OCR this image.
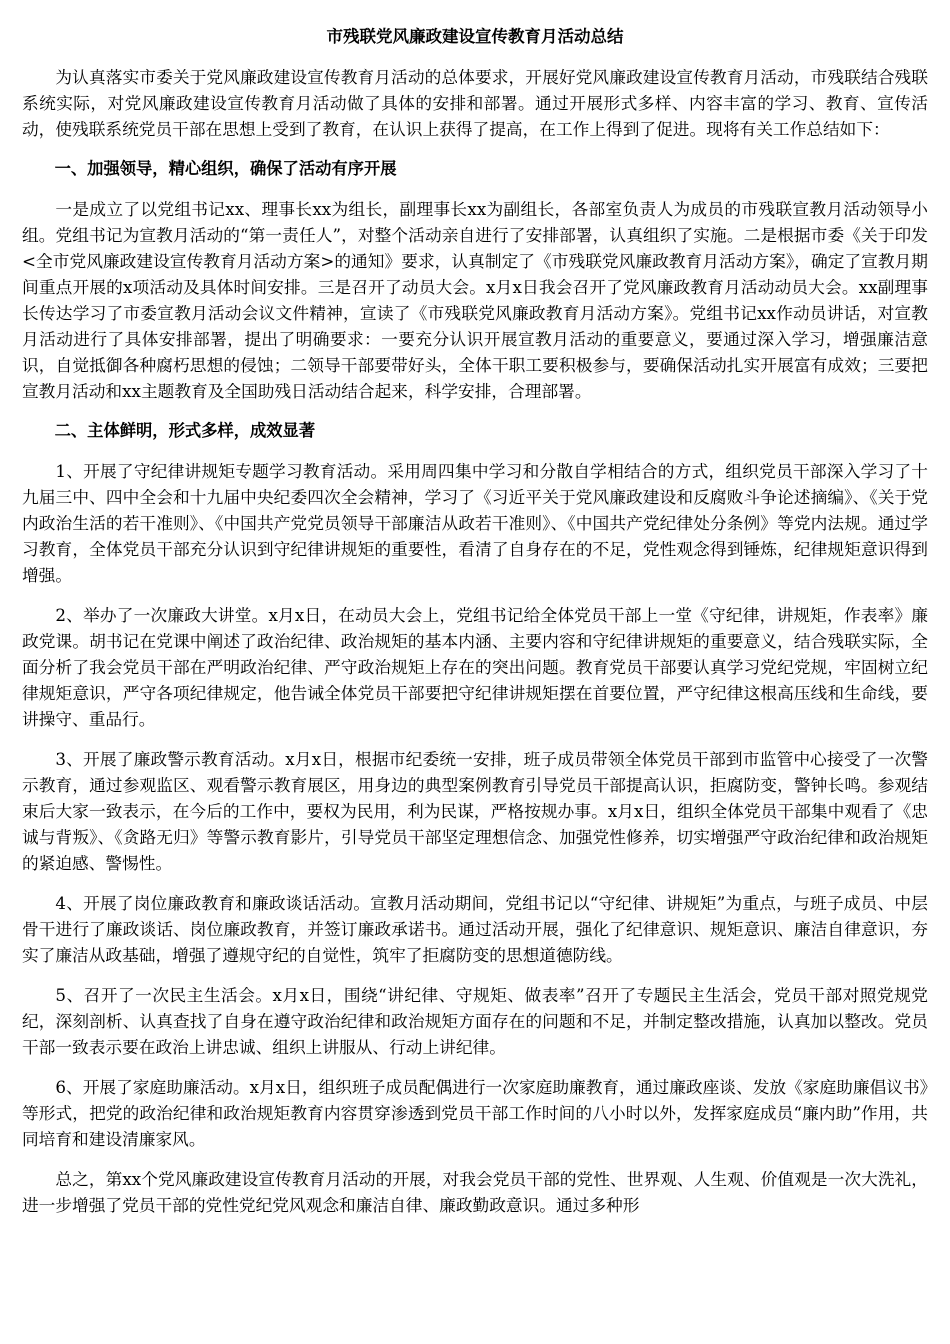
市残联党风廉政建设宣传教育月活动总结

为认真落实市委关于党风廉政建设宣传教育月活动的总体要求，开展好党风廉政建设宣传教育月活动，市残联结合残联系统实际，对党风廉政建设宣传教育月活动做了具体的安排和部署。通过开展形式多样、内容丰富的学习、教育、宣传活动，使残联系统党员干部在思想上受到了教育，在认识上获得了提高，在工作上得到了促进。现将有关工作总结如下：

一、加强领导，精心组织，确保了活动有序开展

一是成立了以党组书记xx、理事长xx为组长，副理事长xx为副组长，各部室负责人为成员的市残联宣教月活动领导小组。党组书记为宣教月活动的“第一责任人”，对整个活动亲自进行了安排部署，认真组织了实施。二是根据市委《关于印发<全市党风廉政建设宣传教育月活动方案>的通知》要求，认真制定了《市残联党风廉政教育月活动方案》，确定了宣教月期间重点开展的x项活动及具体时间安排。三是召开了动员大会。x月x日我会召开了党风廉政教育月活动动员大会。xx副理事长传达学习了市委宣教月活动会议文件精神，宣读了《市残联党风廉政教育月活动方案》。党组书记xx作动员讲话，对宣教月活动进行了具体安排部署，提出了明确要求：一要充分认识开展宣教月活动的重要意义，要通过深入学习，增强廉洁意识，自觉抵御各种腐朽思想的侵蚀；二领导干部要带好头，全体干职工要积极参与，要确保活动扎实开展富有成效；三要把宣教月活动和xx主题教育及全国助残日活动结合起来，科学安排，合理部署。

二、主体鲜明，形式多样，成效显著

1、开展了守纪律讲规矩专题学习教育活动。采用周四集中学习和分散自学相结合的方式，组织党员干部深入学习了十九届三中、四中全会和十九届中央纪委四次全会精神，学习了《习近平关于党风廉政建设和反腐败斗争论述摘编》、《关于党内政治生活的若干准则》、《中国共产党党员领导干部廉洁从政若干准则》、《中国共产党纪律处分条例》等党内法规。通过学习教育，全体党员干部充分认识到守纪律讲规矩的重要性，看清了自身存在的不足，党性观念得到锤炼，纪律规矩意识得到增强。

2、举办了一次廉政大讲堂。x月x日，在动员大会上，党组书记给全体党员干部上一堂《守纪律，讲规矩，作表率》廉政党课。胡书记在党课中阐述了政治纪律、政治规矩的基本内涵、主要内容和守纪律讲规矩的重要意义，结合残联实际，全面分析了我会党员干部在严明政治纪律、严守政治规矩上存在的突出问题。教育党员干部要认真学习党纪党规，牢固树立纪律规矩意识，严守各项纪律规定，他告诫全体党员干部要把守纪律讲规矩摆在首要位置，严守纪律这根高压线和生命线，要讲操守、重品行。

3、开展了廉政警示教育活动。x月x日，根据市纪委统一安排，班子成员带领全体党员干部到市监管中心接受了一次警示教育，通过参观监区、观看警示教育展区，用身边的典型案例教育引导党员干部提高认识，拒腐防变，警钟长鸣。参观结束后大家一致表示，在今后的工作中，要权为民用，利为民谋，严格按规办事。x月x日，组织全体党员干部集中观看了《忠诚与背叛》、《贪路无归》等警示教育影片，引导党员干部坚定理想信念、加强党性修养，切实增强严守政治纪律和政治规矩的紧迫感、警惕性。

4、开展了岗位廉政教育和廉政谈话活动。宣教月活动期间，党组书记以“守纪律、讲规矩”为重点，与班子成员、中层骨干进行了廉政谈话、岗位廉政教育，并签订廉政承诺书。通过活动开展，强化了纪律意识、规矩意识、廉洁自律意识，夯实了廉洁从政基础，增强了遵规守纪的自觉性，筑牢了拒腐防变的思想道德防线。

5、召开了一次民主生活会。x月x日，围绕“讲纪律、守规矩、做表率”召开了专题民主生活会，党员干部对照党规党纪，深刻剖析、认真查找了自身在遵守政治纪律和政治规矩方面存在的问题和不足，并制定整改措施，认真加以整改。党员干部一致表示要在政治上讲忠诚、组织上讲服从、行动上讲纪律。

6、开展了家庭助廉活动。x月x日，组织班子成员配偶进行一次家庭助廉教育，通过廉政座谈、发放《家庭助廉倡议书》等形式，把党的政治纪律和政治规矩教育内容贯穿渗透到党员干部工作时间的八小时以外，发挥家庭成员“廉内助”作用，共同培育和建设清廉家风。

总之，第xx个党风廉政建设宣传教育月活动的开展，对我会党员干部的党性、世界观、人生观、价值观是一次大洗礼，进一步增强了党员干部的党性党纪党风观念和廉洁自律、廉政勤政意识。通过多种形
